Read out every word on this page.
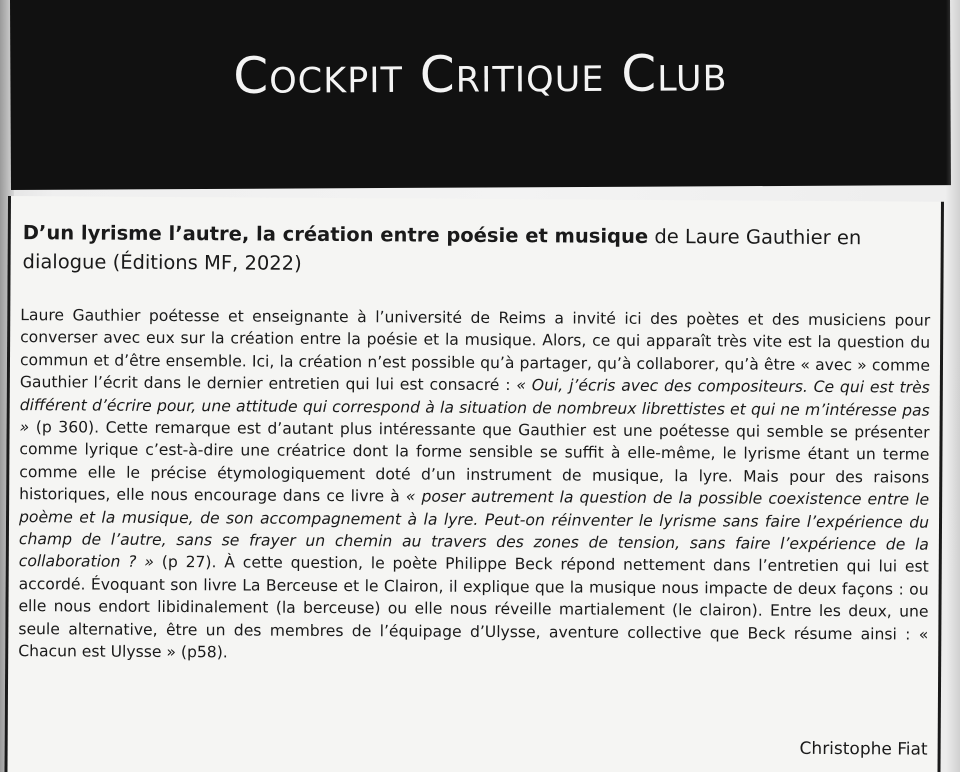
Cockpit Critique Club
D’un lyrisme l’autre, la création entre poésie et musique de Laure Gauthier en dialogue (Éditions MF, 2022)

Laure Gauthier poétesse et enseignante à l’université de Reims a invité ici des poètes et des musiciens pour converser avec eux sur la création entre la poésie et la musique. Alors, ce qui apparaît très vite est la question du commun et d’être ensemble. Ici, la création n’est possible qu’à partager, qu’à collaborer, qu’à être « avec » comme Gauthier l’écrit dans le dernier entretien qui lui est consacré : « Oui, j’écris avec des compositeurs. Ce qui est très différent d’écrire pour, une attitude qui correspond à la situation de nombreux librettistes et qui ne m’intéresse pas » (p 360). Cette remarque est d’autant plus intéressante que Gauthier est une poétesse qui semble se présenter comme lyrique c’est-à-dire une créatrice dont la forme sensible se suffit à elle-même, le lyrisme étant un terme comme elle le précise étymologiquement doté d’un instrument de musique, la lyre. Mais pour des raisons historiques, elle nous encourage dans ce livre à « poser autrement la question de la possible coexistence entre le poème et la musique, de son accompagnement à la lyre. Peut-on réinventer le lyrisme sans faire l’expérience du champ de l’autre, sans se frayer un chemin au travers des zones de tension, sans faire l’expérience de la collaboration ? » (p 27). À cette question, le poète Philippe Beck répond nettement dans l’entretien qui lui est accordé. Évoquant son livre La Berceuse et le Clairon, il explique que la musique nous impacte de deux façons : ou elle nous endort libidinalement (la berceuse) ou elle nous réveille martialement (le clairon). Entre les deux, une seule alternative, être un des membres de l’équipage d’Ulysse, aventure collective que Beck résume ainsi : « Chacun est Ulysse » (p58).

Christophe Fiat
